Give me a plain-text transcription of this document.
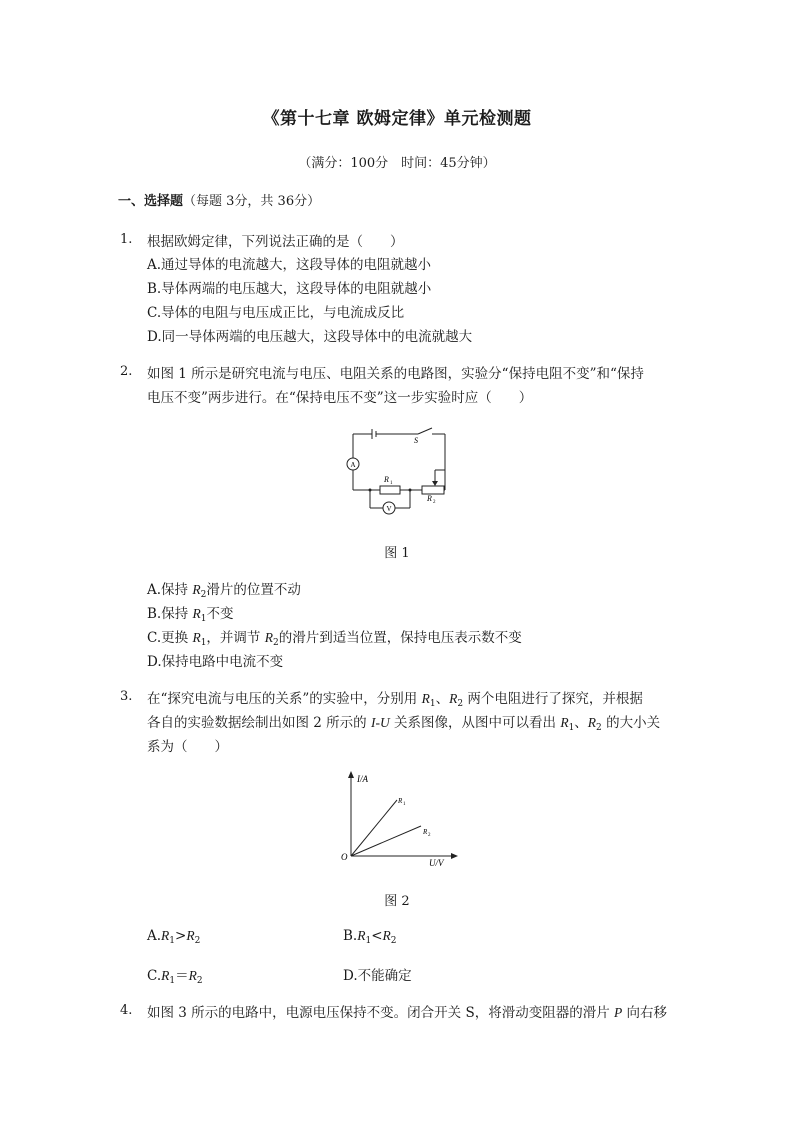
《第十七章 欧姆定律》单元检测题
（满分：100分　时间：45分钟）
一、选择题（每题 3分，共 36分）
1. 根据欧姆定律，下列说法正确的是（　　）
A.通过导体的电流越大，这段导体的电阻就越小
B.导体两端的电压越大，这段导体的电阻就越小
C.导体的电阻与电压成正比，与电流成反比
D.同一导体两端的电压越大，这段导体中的电流就越大
2. 如图 1 所示是研究电流与电压、电阻关系的电路图，实验分“保持电阻不变”和“保持
电压不变”两步进行。在“保持电压不变”这一步实验时应（　　）
S
A
V
R 1
R 2
图 1
A.保持 $R_2$滑片的位置不动
B.保持 $R_1$不变
C.更换 $R_1$，并调节 $R_2$的滑片到适当位置，保持电压表示数不变
D.保持电路中电流不变
3. 在“探究电流与电压的关系”的实验中，分别用 $R_1$、$R_2$ 两个电阻进行了探究，并根据
各自的实验数据绘制出如图 2 所示的 I-U 关系图像，从图中可以看出 $R_1$、$R_2$ 的大小关
系为（　　）
I/A
U/V
O
R 1
R 2
图 2
$A.R_1>R_2$	$B.R_1<R_2$
$C.R_1=R_2$	D.不能确定
4. 如图 3 所示的电路中，电源电压保持不变。闭合开关 S，将滑动变阻器的滑片 P 向右移
